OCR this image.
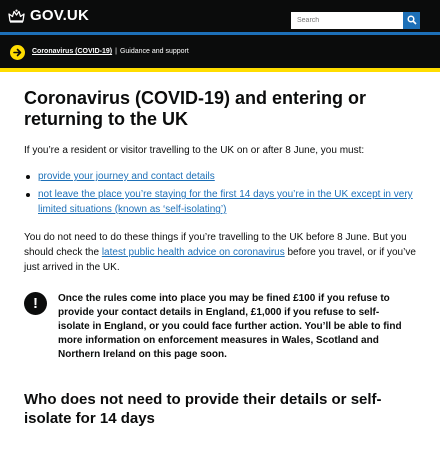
GOV.UK
Search
Coronavirus (COVID-19) | Guidance and support
Coronavirus (COVID-19) and entering or returning to the UK

If you’re a resident or visitor travelling to the UK on or after 8 June, you must:

provide your journey and contact details
not leave the place you’re staying for the first 14 days you’re in the UK except in very limited situations (known as ‘self-isolating’)

You do not need to do these things if you’re travelling to the UK before 8 June. But you should check the latest public health advice on coronavirus before you travel, or if you’ve just arrived in the UK.

!	Once the rules come into place you may be fined £100 if you refuse to provide your contact details in England, £1,000 if you refuse to self-isolate in England, or you could face further action. You’ll be able to find more information on enforcement measures in Wales, Scotland and Northern Ireland on this page soon.
Who does not need to provide their details or self-isolate for 14 days
